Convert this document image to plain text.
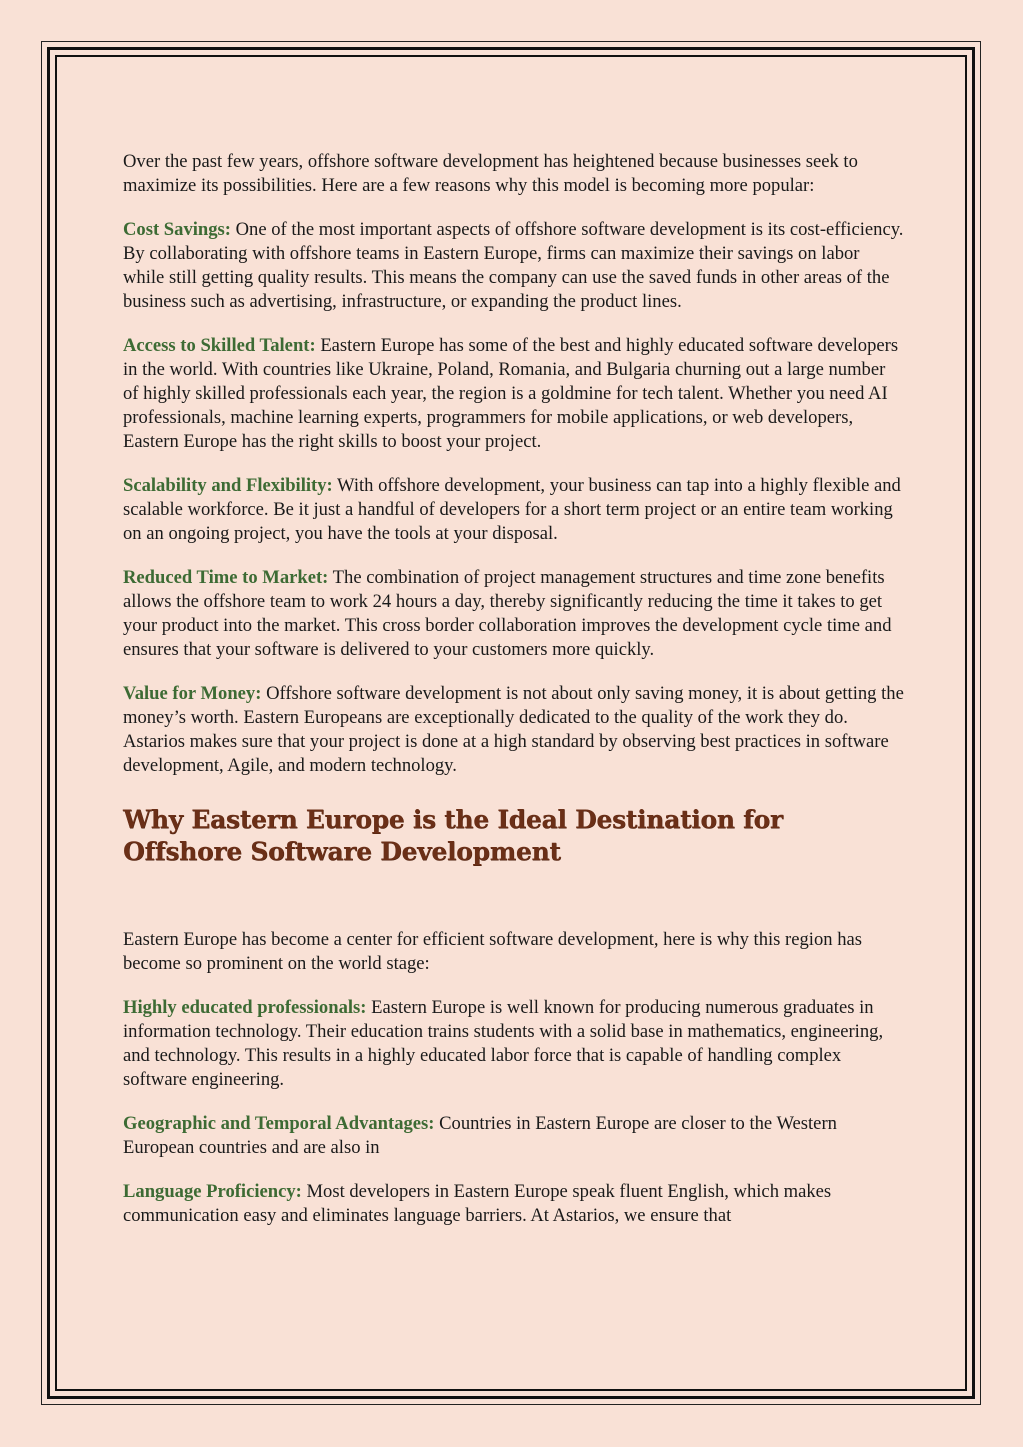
Over the past few years, offshore software development has heightened because businesses seek to maximize its possibilities. Here are a few reasons why this model is becoming more popular:

Cost Savings: One of the most important aspects of offshore software development is its cost-efficiency. By collaborating with offshore teams in Eastern Europe, firms can maximize their savings on labor while still getting quality results. This means the company can use the saved funds in other areas of the business such as advertising, infrastructure, or expanding the product lines.

Access to Skilled Talent: Eastern Europe has some of the best and highly educated software developers in the world. With countries like Ukraine, Poland, Romania, and Bulgaria churning out a large number of highly skilled professionals each year, the region is a goldmine for tech talent. Whether you need AI professionals, machine learning experts, programmers for mobile applications, or web developers, Eastern Europe has the right skills to boost your project.

Scalability and Flexibility: With offshore development, your business can tap into a highly flexible and scalable workforce. Be it just a handful of developers for a short term project or an entire team working on an ongoing project, you have the tools at your disposal.

Reduced Time to Market: The combination of project management structures and time zone benefits allows the offshore team to work 24 hours a day, thereby significantly reducing the time it takes to get your product into the market. This cross border collaboration improves the development cycle time and ensures that your software is delivered to your customers more quickly.

Value for Money: Offshore software development is not about only saving money, it is about getting the money’s worth. Eastern Europeans are exceptionally dedicated to the quality of the work they do. Astarios makes sure that your project is done at a high standard by observing best practices in software development, Agile, and modern technology.

Why Eastern Europe is the Ideal Destination for Offshore Software Development

Eastern Europe has become a center for efficient software development, here is why this region has become so prominent on the world stage:

Highly educated professionals: Eastern Europe is well known for producing numerous graduates in information technology. Their education trains students with a solid base in mathematics, engineering, and technology. This results in a highly educated labor force that is capable of handling complex software engineering.

Geographic and Temporal Advantages: Countries in Eastern Europe are closer to the Western European countries and are also in

Language Proficiency: Most developers in Eastern Europe speak fluent English, which makes communication easy and eliminates language barriers. At Astarios, we ensure that
